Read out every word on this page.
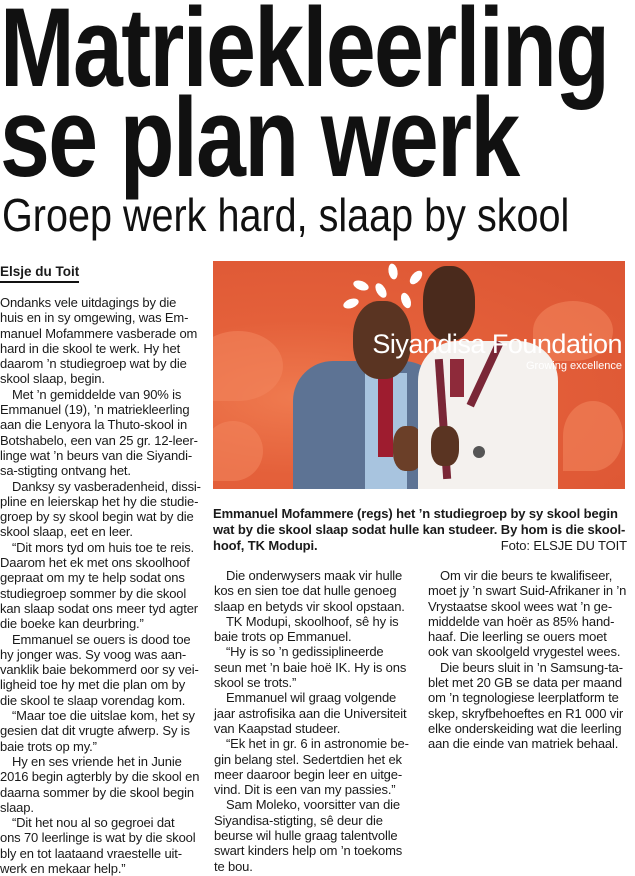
Matriekleerling
se plan werk
Groep werk hard, slaap by skool
Elsje du Toit
Ondanks vele uitdagings by die
huis en in sy omgewing, was Em-
manuel Mofammere vasberade om
hard in die skool te werk. Hy het
daarom ’n studiegroep wat by die
skool slaap, begin.
Met ’n gemiddelde van 90% is
Emmanuel (19), ’n matriekleerling
aan die Lenyora la Thuto-skool in
Botshabelo, een van 25 gr. 12-leer-
linge wat ’n beurs van die Siyandi-
sa-stigting ontvang het.
Danksy sy vasberadenheid, dissi-
pline en leierskap het hy die studie-
groep by sy skool begin wat by die
skool slaap, eet en leer.
“Dit mors tyd om huis toe te reis.
Daarom het ek met ons skoolhoof
gepraat om my te help sodat ons
studiegroep sommer by die skool
kan slaap sodat ons meer tyd agter
die boeke kan deurbring.”
Emmanuel se ouers is dood toe
hy jonger was. Sy voog was aan-
vanklik baie bekommerd oor sy vei-
ligheid toe hy met die plan om by
die skool te slaap vorendag kom.
“Maar toe die uitslae kom, het sy
gesien dat dit vrugte afwerp. Sy is
baie trots op my.”
Hy en ses vriende het in Junie
2016 begin agterbly by die skool en
daarna sommer by die skool begin
slaap.
“Dit het nou al so gegroei dat
ons 70 leerlinge is wat by die skool
bly en tot laataand vraestelle uit-
werk en mekaar help.”
Siyandisa Foundation
Growing excellence
Emmanuel Mofammere (regs) het ’n studiegroep by sy skool begin
wat by die skool slaap sodat hulle kan studeer. By hom is die skool-
hoof, TK Modupi.	Foto: ELSJE DU TOIT
Die onderwysers maak vir hulle
kos en sien toe dat hulle genoeg
slaap en betyds vir skool opstaan.
TK Modupi, skoolhoof, sê hy is
baie trots op Emmanuel.
“Hy is so ’n gedissiplineerde
seun met ’n baie hoë IK. Hy is ons
skool se trots.”
Emmanuel wil graag volgende
jaar astrofisika aan die Universiteit
van Kaapstad studeer.
“Ek het in gr. 6 in astronomie be-
gin belang stel. Sedertdien het ek
meer daaroor begin leer en uitge-
vind. Dit is een van my passies.”
Sam Moleko, voorsitter van die
Siyandisa-stigting, sê deur die
beurse wil hulle graag talentvolle
swart kinders help om ’n toekoms
te bou.
Om vir die beurs te kwalifiseer,
moet jy ’n swart Suid-Afrikaner in ’n
Vrystaatse skool wees wat ’n ge-
middelde van hoër as 85% hand-
haaf. Die leerling se ouers moet
ook van skoolgeld vrygestel wees.
Die beurs sluit in ’n Samsung-ta-
blet met 20 GB se data per maand
om ’n tegnologiese leerplatform te
skep, skryfbehoeftes en R1 000 vir
elke onderskeiding wat die leerling
aan die einde van matriek behaal.
